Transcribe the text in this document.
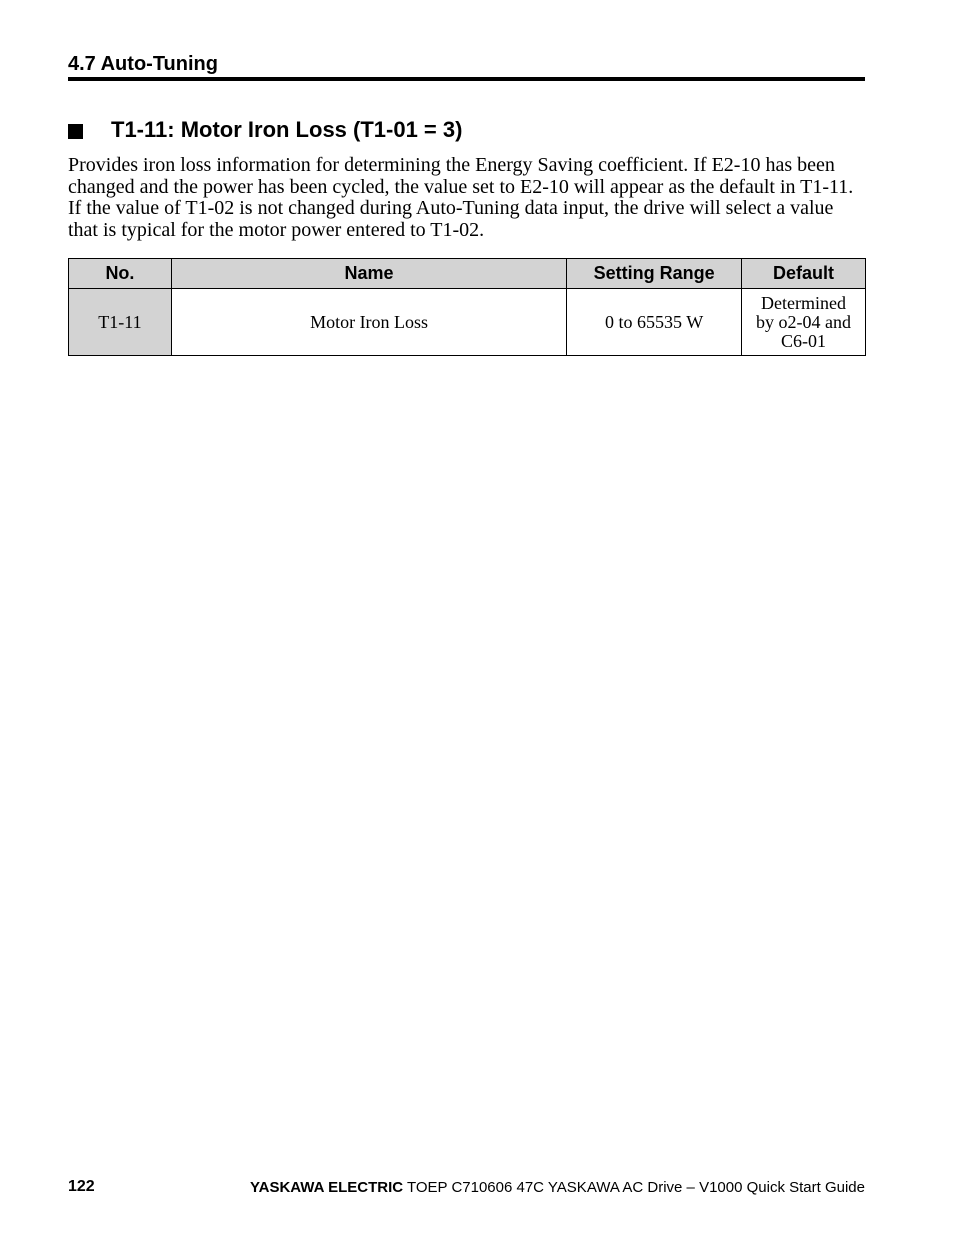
4.7 Auto-Tuning
T1-11: Motor Iron Loss (T1-01 = 3)

Provides iron loss information for determining the Energy Saving coefficient. If E2-10 has been changed and the power has been cycled, the value set to E2-10 will appear as the default in T1-11. If the value of T1-02 is not changed during Auto-Tuning data input, the drive will select a value that is typical for the motor power entered to T1-02.

No.	Name	Setting Range	Default
T1-11	Motor Iron Loss	0 to 65535 W	Determined
by o2-04 and
C6-01
122	YASKAWA ELECTRIC TOEP C710606 47C YASKAWA AC Drive – V1000 Quick Start Guide
